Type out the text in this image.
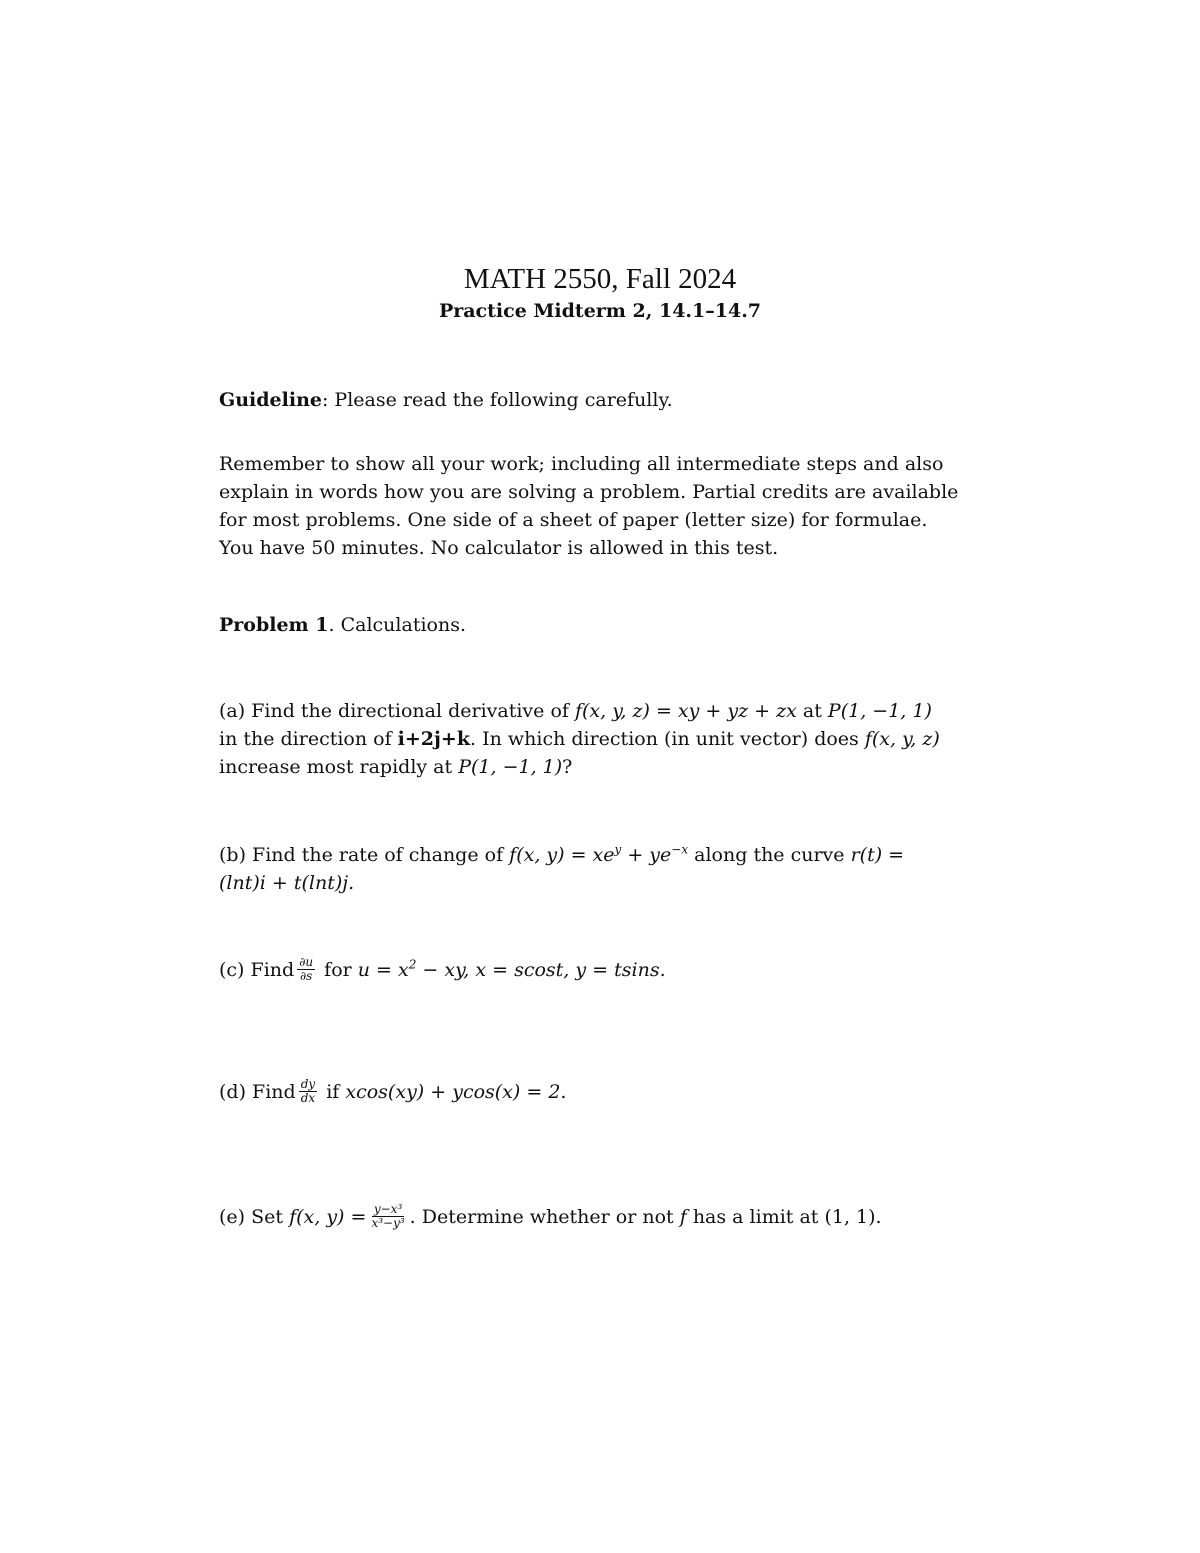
MATH 2550, Fall 2024
Practice Midterm 2, 14.1–14.7
Guideline: Please read the following carefully.
Remember to show all your work; including all intermediate steps and also
explain in words how you are solving a problem. Partial credits are available
for most problems. One side of a sheet of paper (letter size) for formulae.
You have 50 minutes. No calculator is allowed in this test.
Problem 1. Calculations.
(a) Find the directional derivative of f(x, y, z) = xy + yz + zx at P(1, −1, 1)
in the direction of i+2j+k. In which direction (in unit vector) does f(x, y, z)
increase most rapidly at P(1, −1, 1)?
(b) Find the rate of change of f(x, $y) = xe^y + ye^{-x}$ along the curve r(t) =
(lnt)i + t(lnt)j.
(c) Find $\frac{\partial u}{\partial s}$ for $u = x^2$ − xy, x = scost, y = tsins.
(d) Find $\frac{dy}{dx}$ if xcos(xy) + ycos(x) = 2.
(e) Set f(x, $y) = \frac{\text{y−x³}}{\text{x³−y³}}$ . Determine whether or not f has a limit at (1, 1).
